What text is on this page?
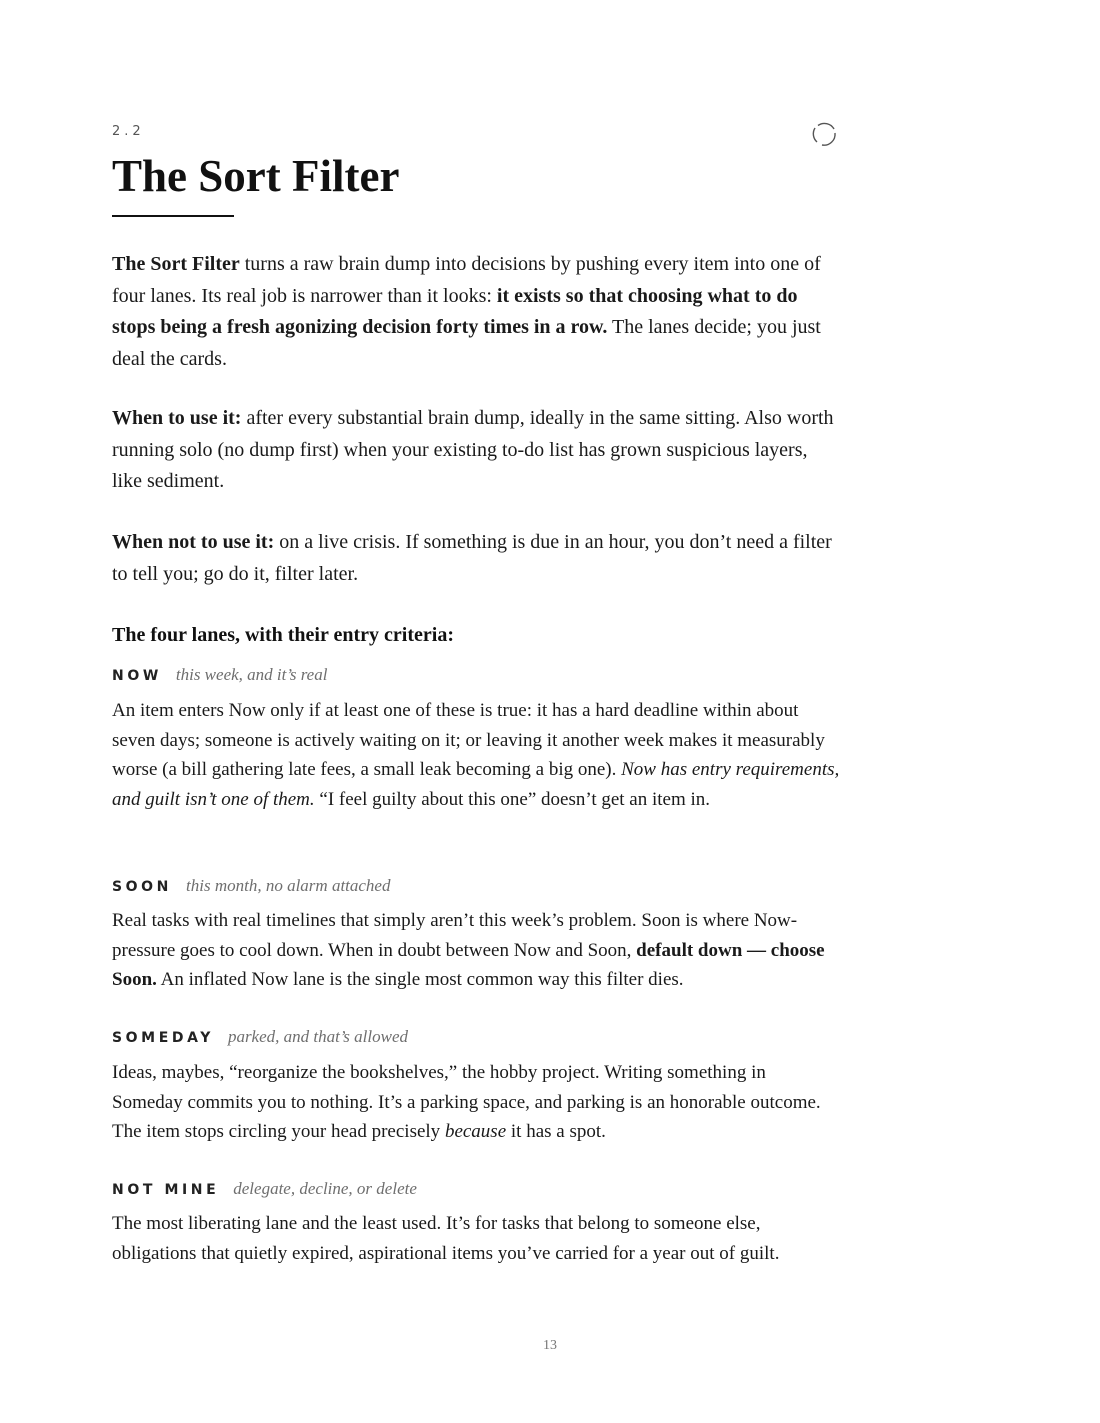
2.2
The Sort Filter

The Sort Filter turns a raw brain dump into decisions by pushing every item into one of four lanes. Its real job is narrower than it looks: it exists so that choosing what to do stops being a fresh agonizing decision forty times in a row. The lanes decide; you just deal the cards.

When to use it: after every substantial brain dump, ideally in the same sitting. Also worth running solo (no dump first) when your existing to-do list has grown suspicious layers, like sediment.

When not to use it: on a live crisis. If something is due in an hour, you don’t need a filter to tell you; go do it, filter later.

The four lanes, with their entry criteria:

NOW this week, and it’s real

An item enters Now only if at least one of these is true: it has a hard deadline within about seven days; someone is actively waiting on it; or leaving it another week makes it measurably worse (a bill gathering late fees, a small leak becoming a big one). Now has entry requirements, and guilt isn’t one of them. “I feel guilty about this one” doesn’t get an item in.

SOON this month, no alarm attached

Real tasks with real timelines that simply aren’t this week’s problem. Soon is where Now-pressure goes to cool down. When in doubt between Now and Soon, default down — choose Soon. An inflated Now lane is the single most common way this filter dies.

SOMEDAY parked, and that’s allowed

Ideas, maybes, “reorganize the bookshelves,” the hobby project. Writing something in Someday commits you to nothing. It’s a parking space, and parking is an honorable outcome. The item stops circling your head precisely because it has a spot.

NOT MINE delegate, decline, or delete

The most liberating lane and the least used. It’s for tasks that belong to someone else, obligations that quietly expired, aspirational items you’ve carried for a year out of guilt.

13
